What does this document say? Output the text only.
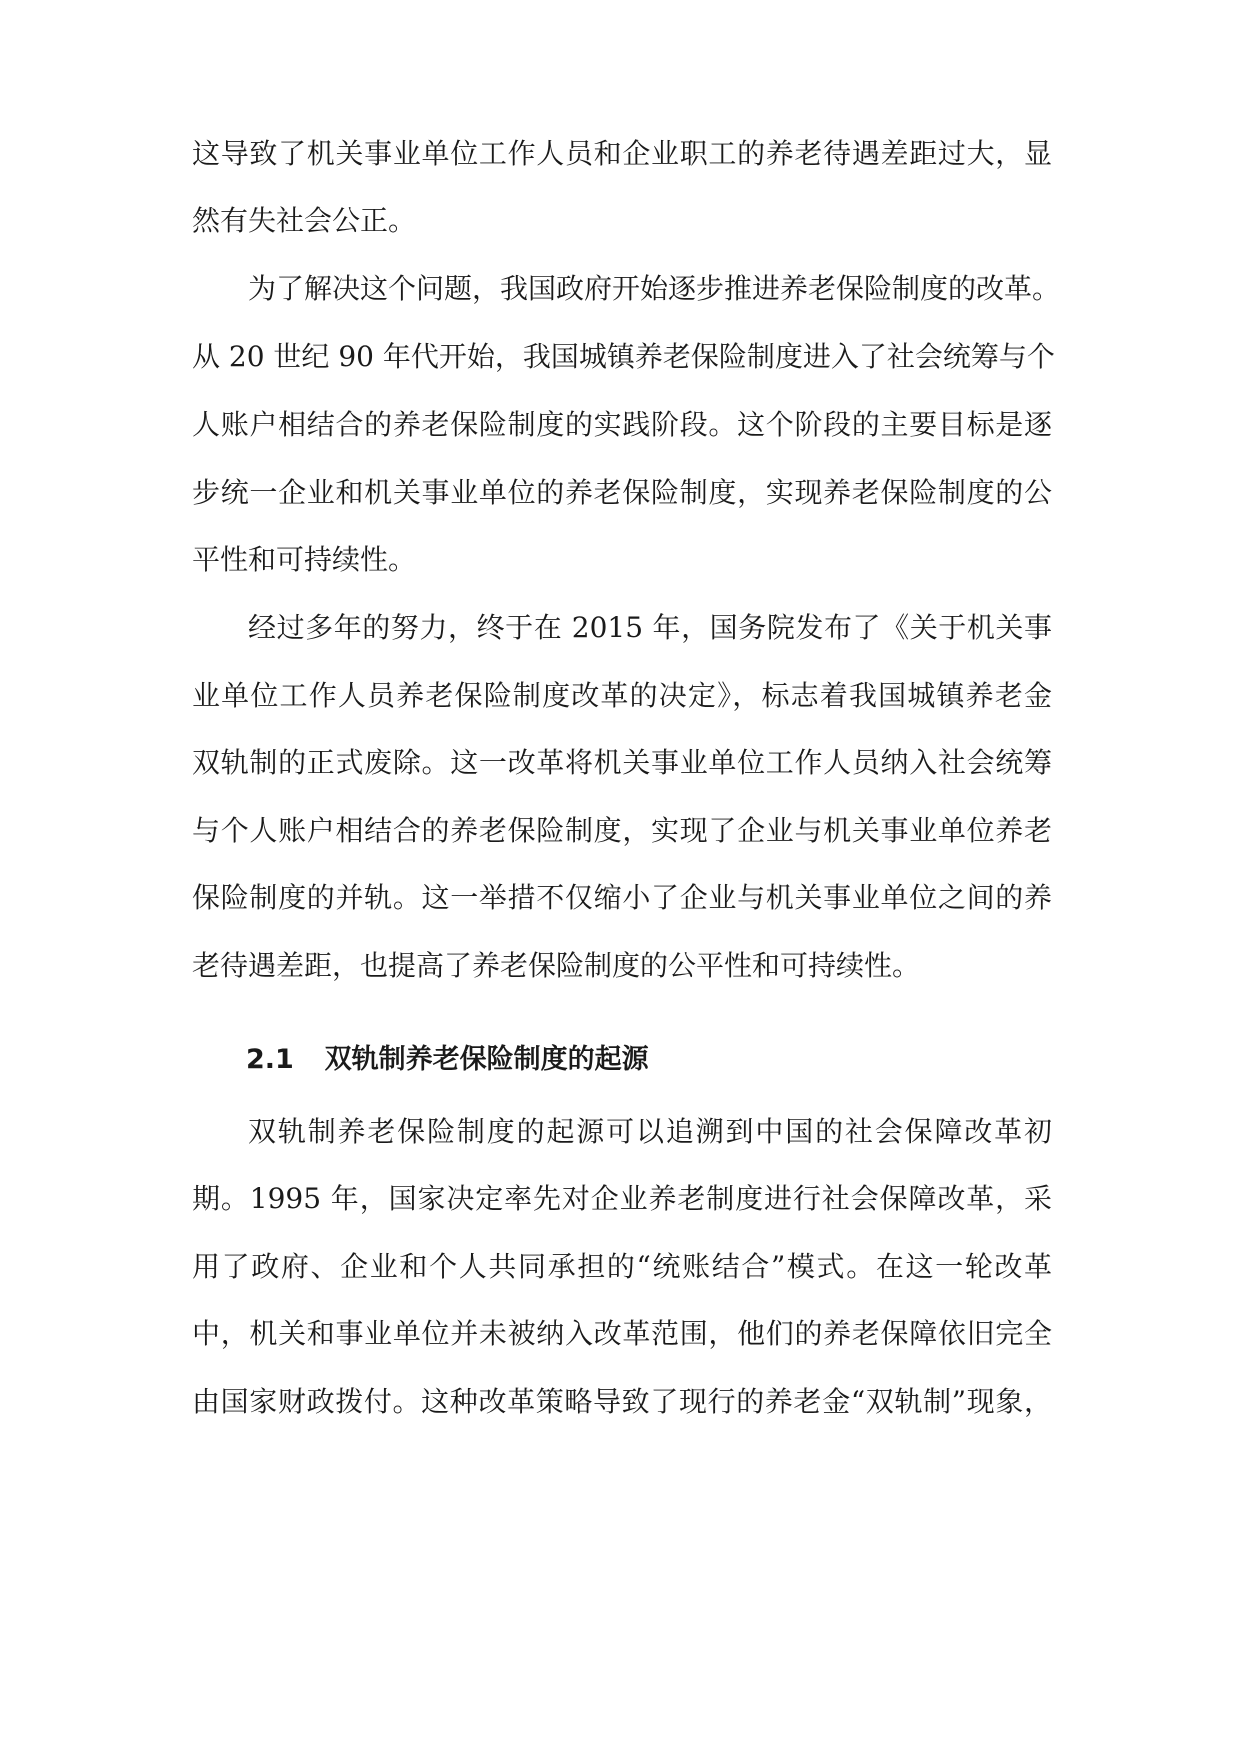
这导致了机关事业单位工作人员和企业职工的养老待遇差距过大，显
然有失社会公正。
为了解决这个问题，我国政府开始逐步推进养老保险制度的改革。
从 20 世纪 90 年代开始，我国城镇养老保险制度进入了社会统筹与个
人账户相结合的养老保险制度的实践阶段。这个阶段的主要目标是逐
步统一企业和机关事业单位的养老保险制度，实现养老保险制度的公
平性和可持续性。
经过多年的努力，终于在 2015 年，国务院发布了《关于机关事
业单位工作人员养老保险制度改革的决定》，标志着我国城镇养老金
双轨制的正式废除。这一改革将机关事业单位工作人员纳入社会统筹
与个人账户相结合的养老保险制度，实现了企业与机关事业单位养老
保险制度的并轨。这一举措不仅缩小了企业与机关事业单位之间的养
老待遇差距，也提高了养老保险制度的公平性和可持续性。
2.1 双轨制养老保险制度的起源
双轨制养老保险制度的起源可以追溯到中国的社会保障改革初
期。1995 年，国家决定率先对企业养老制度进行社会保障改革，采
用了政府、企业和个人共同承担的“统账结合”模式。在这一轮改革
中，机关和事业单位并未被纳入改革范围，他们的养老保障依旧完全
由国家财政拨付。这种改革策略导致了现行的养老金“双轨制”现象，
